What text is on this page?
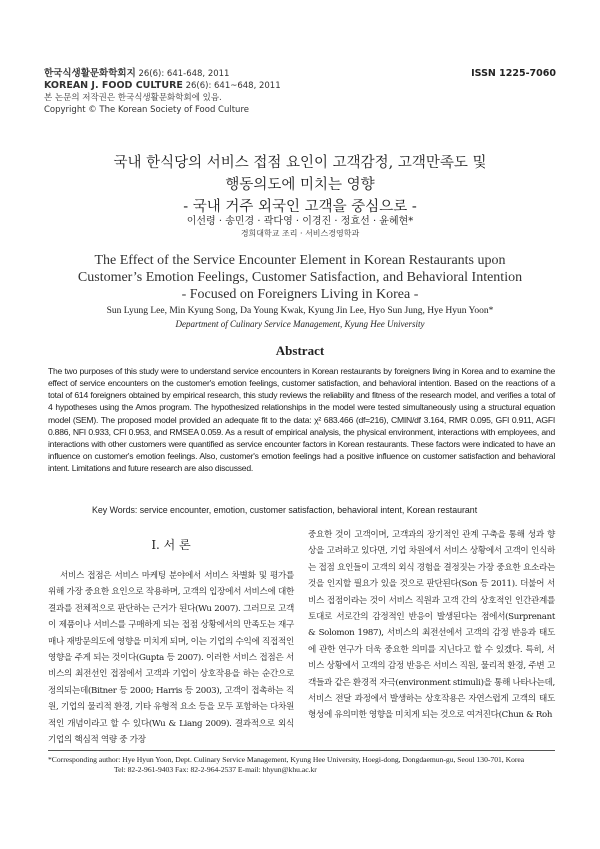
한국식생활문화학회지 26(6): 641-648, 2011
KOREAN J. FOOD CULTURE 26(6): 641~648, 2011
본 논문의 저작권은 한국식생활문화학회에 있음.
Copyright © The Korean Society of Food Culture
ISSN 1225-7060
국내 한식당의 서비스 접점 요인이 고객감정, 고객만족도 및
행동의도에 미치는 영향
- 국내 거주 외국인 고객을 중심으로 -
이선령 · 송민경 · 곽다영 · 이경진 · 정효선 · 윤혜현*
경희대학교 조리 · 서비스경영학과
The Effect of the Service Encounter Element in Korean Restaurants upon
Customer’s Emotion Feelings, Customer Satisfaction, and Behavioral Intention
- Focused on Foreigners Living in Korea -
Sun Lyung Lee, Min Kyung Song, Da Young Kwak, Kyung Jin Lee, Hyo Sun Jung, Hye Hyun Yoon*
Department of Culinary Service Management, Kyung Hee University
Abstract
The two purposes of this study were to understand service encounters in Korean restaurants by foreigners living in Korea and to examine the effect of service encounters on the customer's emotion feelings, customer satisfaction, and behavioral intention. Based on the reactions of a total of 614 foreigners obtained by empirical research, this study reviews the reliability and fitness of the research model, and verifies a total of 4 hypotheses using the Amos program. The hypothesized relationships in the model were tested simultaneously using a structural equation model (SEM). The proposed model provided an adequate fit to the data: χ² 683.466 (df=216), CMIN/df 3.164, RMR 0.095, GFI 0.911, AGFI 0.886, NFI 0.933, CFI 0.953, and RMSEA 0.059. As a result of empirical analysis, the physical environment, interactions with employees, and interactions with other customers were quantified as service encounter factors in Korean restaurants. These factors were indicated to have an influence on customer's emotion feelings. Also, customer's emotion feelings had a positive influence on customer satisfaction and behavioral intent. Limitations and future research are also discussed.
Key Words: service encounter, emotion, customer satisfaction, behavioral intent, Korean restaurant
Ⅰ. 서 론
서비스 접점은 서비스 마케팅 분야에서 서비스 차별화 및 평가를 위해 가장 중요한 요인으로 작용하며, 고객의 입장에서 서비스에 대한 결과를 전체적으로 판단하는 근거가 된다(Wu 2007). 그러므로 고객이 제품이나 서비스를 구매하게 되는 접점 상황에서의 만족도는 재구매나 재방문의도에 영향을 미치게 되며, 이는 기업의 수익에 직접적인 영향을 주게 되는 것이다(Gupta 등 2007). 이러한 서비스 접점은 서비스의 최전선인 접점에서 고객과 기업이 상호작용을 하는 순간으로 정의되는데(Bitner 등 2000; Harris 등 2003), 고객이 접촉하는 직원, 기업의 물리적 환경, 기타 유형적 요소 등을 모두 포함하는 다차원적인 개념이라고 할 수 있다(Wu & Liang 2009). 결과적으로 외식 기업의 핵심적 역량 중 가장
중요한 것이 고객이며, 고객과의 장기적인 관계 구축을 통해 성과 향상을 고려하고 있다면, 기업 차원에서 서비스 상황에서 고객이 인식하는 접점 요인들이 고객의 외식 경험을 결정짓는 가장 중요한 요소라는 것을 인지할 필요가 있을 것으로 판단된다(Son 등 2011). 더불어 서비스 접점이라는 것이 서비스 직원과 고객 간의 상호적인 인간관계를 토대로 서로간의 감정적인 반응이 발생된다는 점에서(Surprenant & Solomon 1987), 서비스의 최전선에서 고객의 감정 반응과 태도에 관한 연구가 더욱 중요한 의미를 지닌다고 할 수 있겠다. 특히, 서비스 상황에서 고객의 감정 반응은 서비스 직원, 물리적 환경, 주변 고객들과 같은 환경적 자극(environment stimuli)을 통해 나타나는데, 서비스 전달 과정에서 발생하는 상호작용은 자연스럽게 고객의 태도 형성에 유의미한 영향을 미치게 되는 것으로 여겨진다(Chun & Roh
*Corresponding author: Hye Hyun Yoon, Dept. Culinary Service Management, Kyung Hee University, Hoegi-dong, Dongdaemun-gu, Seoul 130-701, Korea
Tel: 82-2-961-9403 Fax: 82-2-964-2537 E-mail: hhyun@khu.ac.kr
